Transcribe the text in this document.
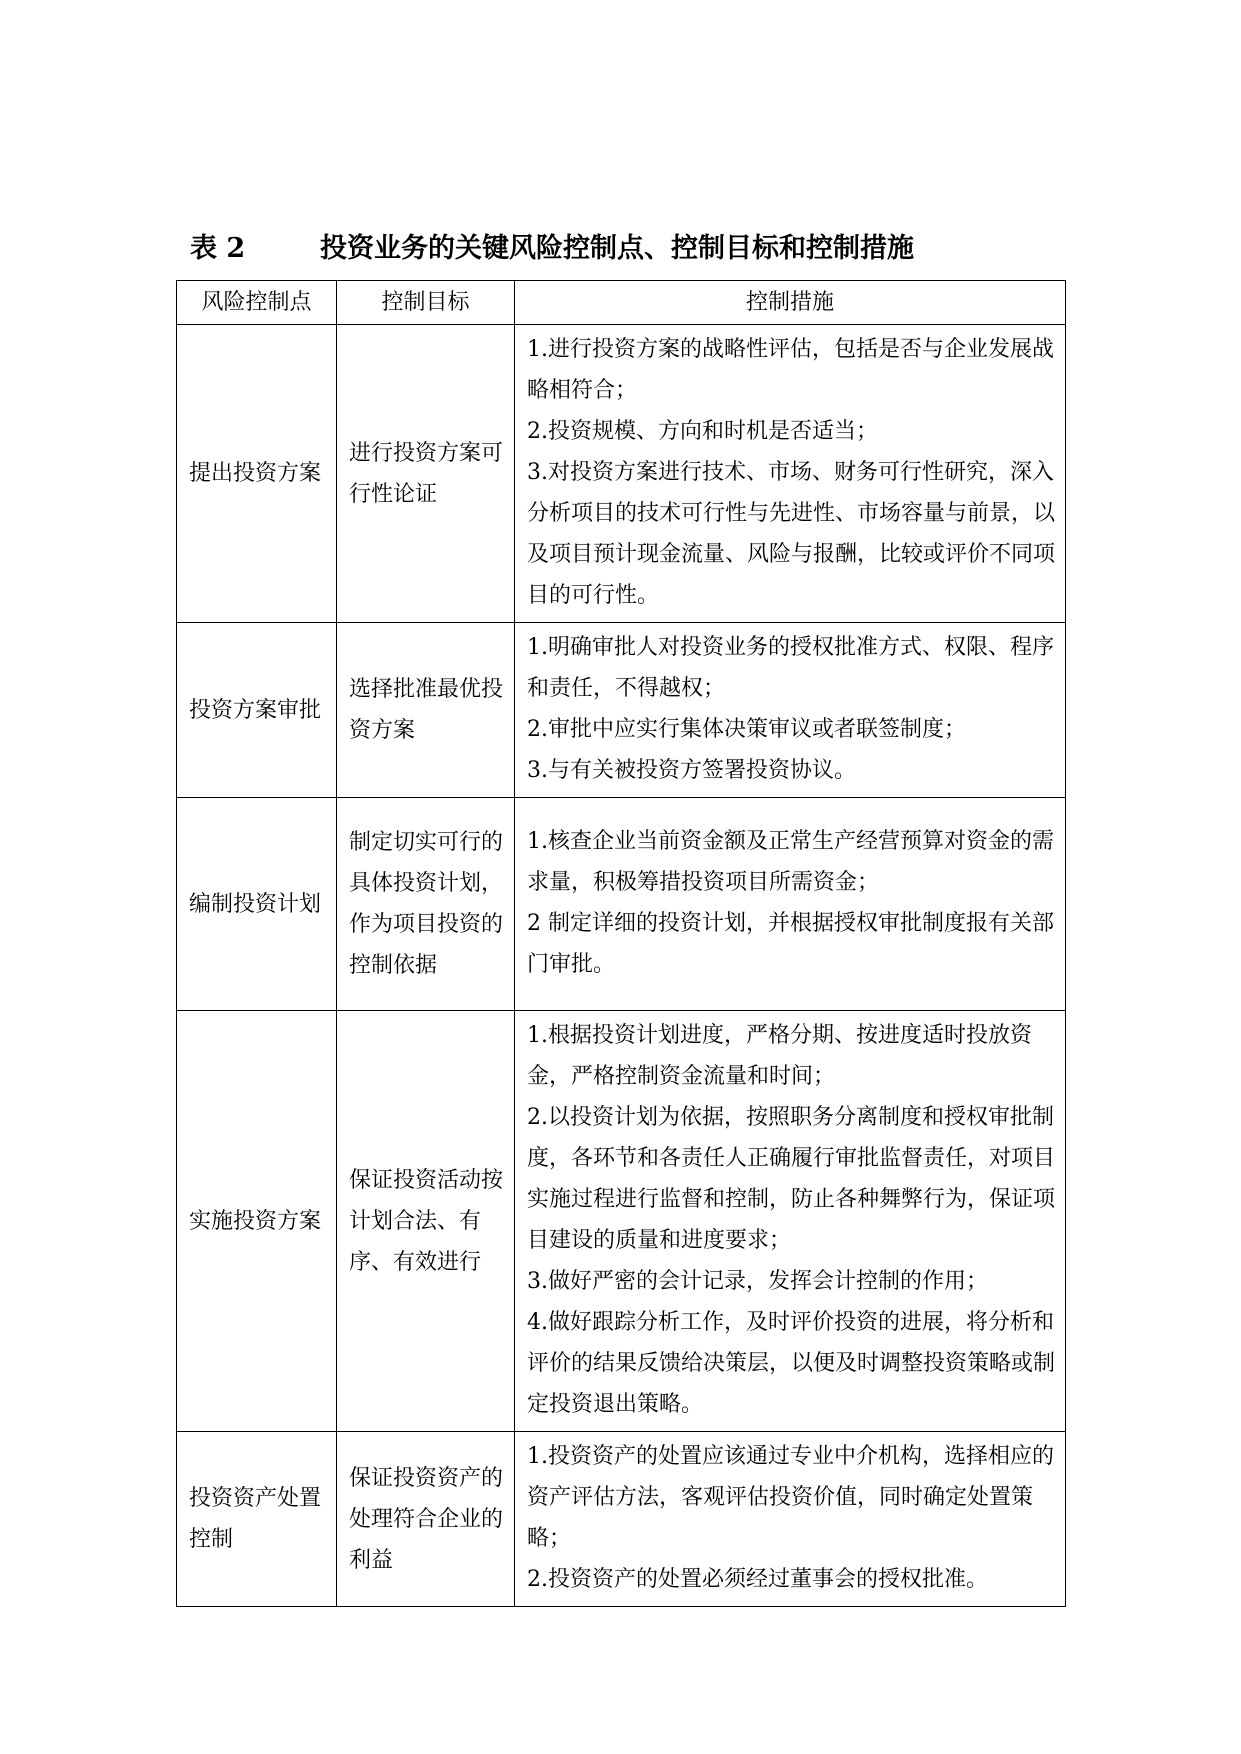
表 2	投资业务的关键风险控制点、控制目标和控制措施
风险控制点	控制目标	控制措施
提出投资方案	进行投资方案可行性论证	1.进行投资方案的战略性评估，包括是否与企业发展战略相符合；
2.投资规模、方向和时机是否适当；
3.对投资方案进行技术、市场、财务可行性研究，深入分析项目的技术可行性与先进性、市场容量与前景，以及项目预计现金流量、风险与报酬，比较或评价不同项目的可行性。

投资方案审批	选择批准最优投资方案	1.明确审批人对投资业务的授权批准方式、权限、程序和责任，不得越权；
2.审批中应实行集体决策审议或者联签制度；
3.与有关被投资方签署投资协议。

编制投资计划	制定切实可行的具体投资计划，作为项目投资的控制依据	1.核查企业当前资金额及正常生产经营预算对资金的需求量，积极筹措投资项目所需资金；
2 制定详细的投资计划，并根据授权审批制度报有关部门审批。

实施投资方案	保证投资活动按计划合法、有序、有效进行	1.根据投资计划进度，严格分期、按进度适时投放资金，严格控制资金流量和时间；
2.以投资计划为依据，按照职务分离制度和授权审批制度，各环节和各责任人正确履行审批监督责任，对项目实施过程进行监督和控制，防止各种舞弊行为，保证项目建设的质量和进度要求；
3.做好严密的会计记录，发挥会计控制的作用；
4.做好跟踪分析工作，及时评价投资的进展，将分析和评价的结果反馈给决策层，以便及时调整投资策略或制定投资退出策略。

投资资产处置控制	保证投资资产的处理符合企业的利益	1.投资资产的处置应该通过专业中介机构，选择相应的资产评估方法，客观评估投资价值，同时确定处置策略；
2.投资资产的处置必须经过董事会的授权批准。
